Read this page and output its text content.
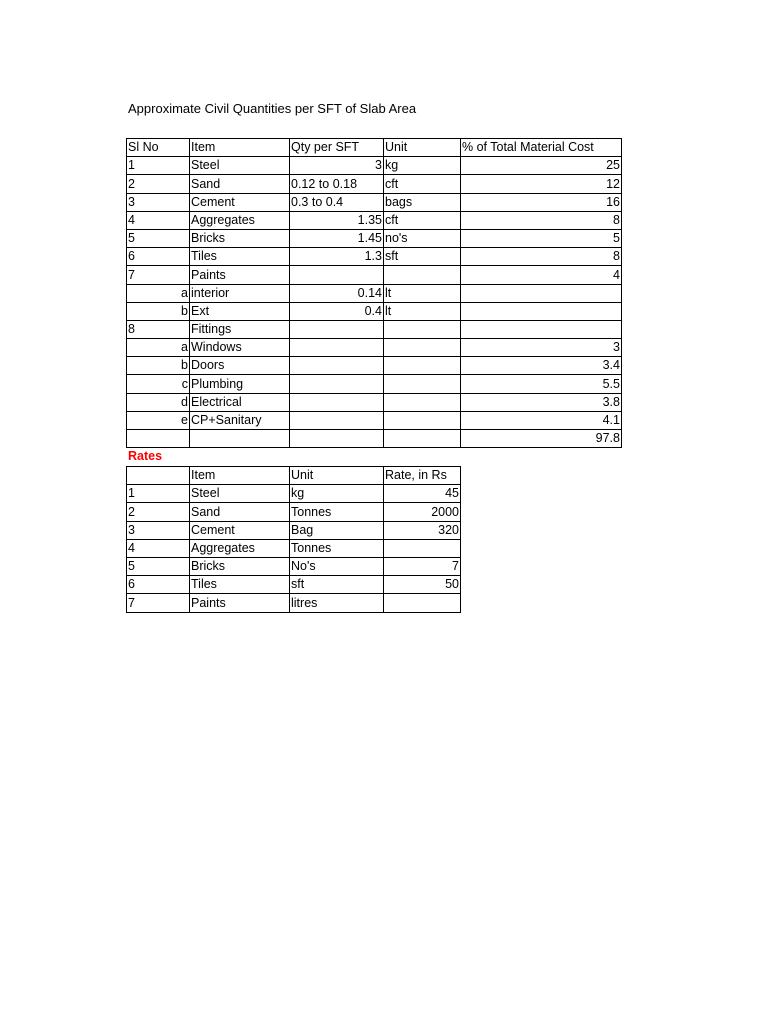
Approximate Civil Quantities per SFT of Slab Area
Sl No	Item	Qty per SFT	Unit	% of Total Material Cost
1	Steel	3	kg	25
2	Sand	0.12 to 0.18	cft	12
3	Cement	0.3 to 0.4	bags	16
4	Aggregates	1.35	cft	8
5	Bricks	1.45	no's	5
6	Tiles	1.3	sft	8
7	Paints			4
a	interior	0.14	lt	
b	Ext	0.4	lt	
8	Fittings			
a	Windows			3
b	Doors			3.4
c	Plumbing			5.5
d	Electrical			3.8
e	CP+Sanitary			4.1
				97.8
Rates
	Item	Unit	Rate, in Rs
1	Steel	kg	45
2	Sand	Tonnes	2000
3	Cement	Bag	320
4	Aggregates	Tonnes	
5	Bricks	No's	7
6	Tiles	sft	50
7	Paints	litres	
